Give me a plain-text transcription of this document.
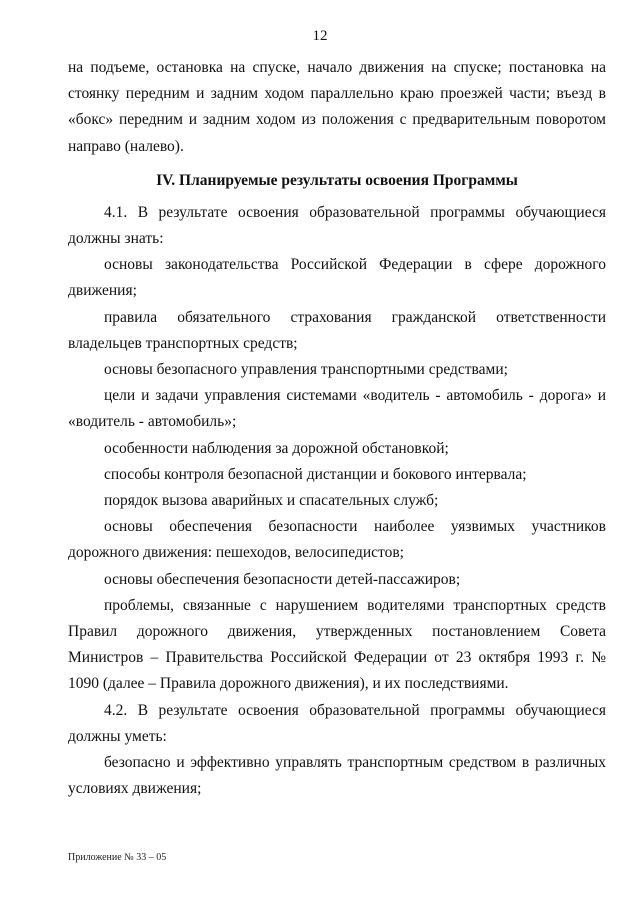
12

на подъеме, остановка на спуске, начало движения на спуске; постановка на стоянку передним и задним ходом параллельно краю проезжей части; въезд в «бокс» передним и задним ходом из положения с предварительным поворотом направо (налево).

IV. Планируемые результаты освоения Программы

4.1. В результате освоения образовательной программы обучающиеся должны знать:

основы законодательства Российской Федерации в сфере дорожного движения;

правила обязательного страхования гражданской ответственности владельцев транспортных средств;

основы безопасного управления транспортными средствами;

цели и задачи управления системами «водитель - автомобиль - дорога» и «водитель - автомобиль»;

особенности наблюдения за дорожной обстановкой;

способы контроля безопасной дистанции и бокового интервала;

порядок вызова аварийных и спасательных служб;

основы обеспечения безопасности наиболее уязвимых участников дорожного движения: пешеходов, велосипедистов;

основы обеспечения безопасности детей-пассажиров;

проблемы, связанные с нарушением водителями транспортных средств Правил дорожного движения, утвержденных постановлением Совета Министров – Правительства Российской Федерации от 23 октября 1993 г. № 1090 (далее – Правила дорожного движения), и их последствиями.

4.2. В результате освоения образовательной программы обучающиеся должны уметь:

безопасно и эффективно управлять транспортным средством в различных условиях движения;

Приложение № 33 – 05
